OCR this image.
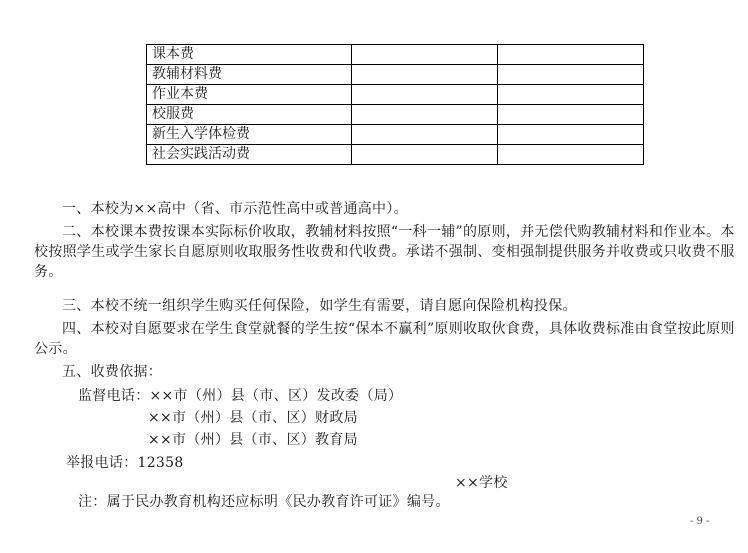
课本费		
教辅材料费		
作业本费		
校服费		
新生入学体检费		
社会实践活动费		

一、本校为××高中（省、市示范性高中或普通高中）。

二、本校课本费按课本实际标价收取，教辅材料按照“一科一辅”的原则，并无偿代购教辅材料和作业本。本校按照学生或学生家长自愿原则收取服务性收费和代收费。承诺不强制、变相强制提供服务并收费或只收费不服务。

三、本校不统一组织学生购买任何保险，如学生有需要，请自愿向保险机构投保。

四、本校对自愿要求在学生食堂就餐的学生按“保本不赢利”原则收取伙食费，具体收费标准由食堂按此原则公示。

五、收费依据：

监督电话：××市（州）县（市、区）发改委（局）
××市（州）县（市、区）财政局
××市（州）县（市、区）教育局
举报电话：12358
××学校
注：属于民办教育机构还应标明《民办教育许可证》编号。
- 9 -
